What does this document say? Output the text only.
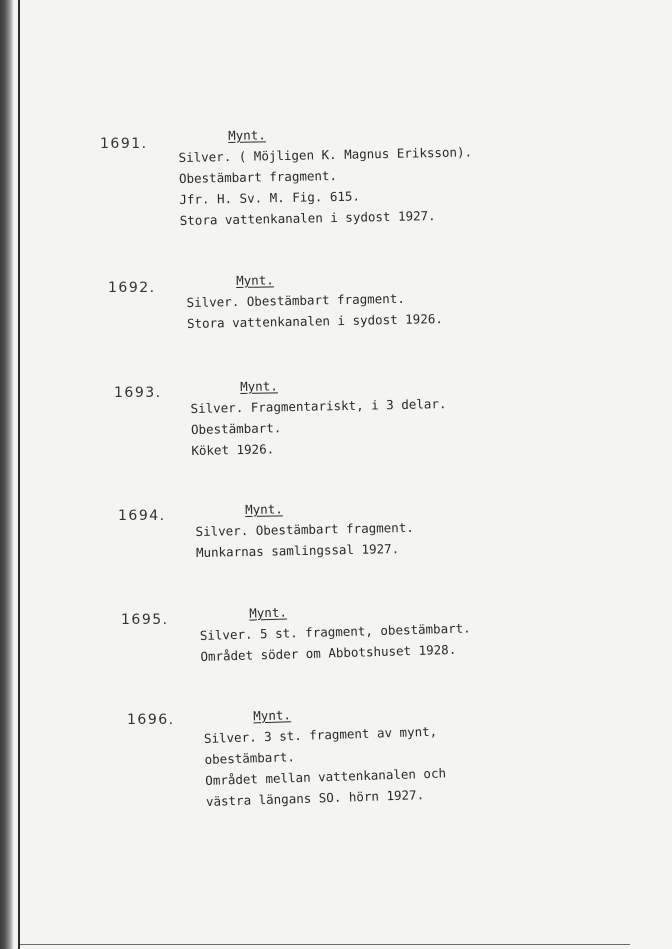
1691.
Mynt.
Silver. ( Möjligen K. Magnus Eriksson).
Obestämbart fragment.
Jfr. H. Sv. M. Fig. 615.
Stora vattenkanalen i sydost 1927.
1692.	Mynt.
Silver. Obestämbart fragment.
Stora vattenkanalen i sydost 1926.
1693.	Mynt.
Silver. Fragmentariskt, i 3 delar.
Obestämbart.
Köket 1926.
1694.	Mynt.
Silver. Obestämbart fragment.
Munkarnas samlingssal 1927.
1695.	Mynt.
Silver. 5 st. fragment, obestämbart.
Området söder om Abbotshuset 1928.
1696.	Mynt.
Silver. 3 st. fragment av mynt,
obestämbart.
Området mellan vattenkanalen och
västra längans SO. hörn 1927.
